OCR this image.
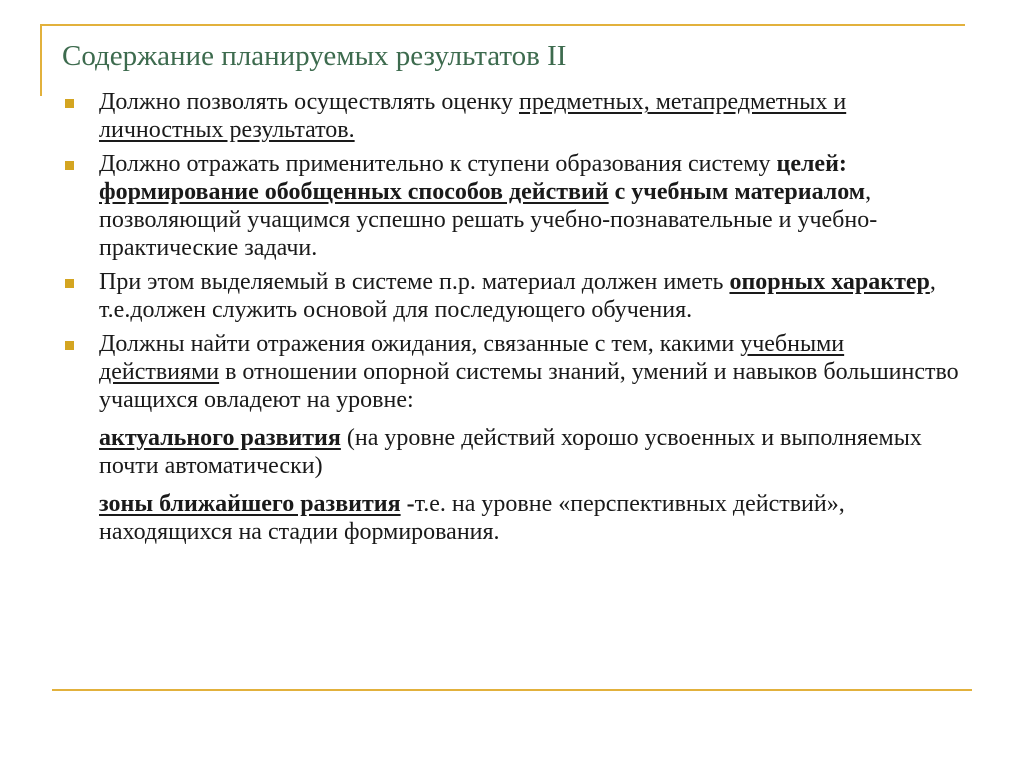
Содержание планируемых результатов II
Должно позволять осуществлять оценку предметных, метапредметных и личностных результатов.
Должно отражать применительно к ступени образования систему целей: формирование обобщенных способов действий с учебным материалом, позволяющий учащимся успешно решать учебно-познавательные и учебно-практические задачи.
При этом выделяемый в системе п.р. материал должен иметь опорных характер, т.е.должен служить основой для последующего обучения.
Должны найти отражения ожидания, связанные с тем, какими учебными действиями в отношении опорной системы знаний, умений и навыков большинство учащихся овладеют на уровне:
актуального развития (на уровне действий хорошо усвоенных и выполняемых почти автоматически)
зоны ближайшего развития -т.е. на уровне «перспективных действий», находящихся на стадии формирования.
